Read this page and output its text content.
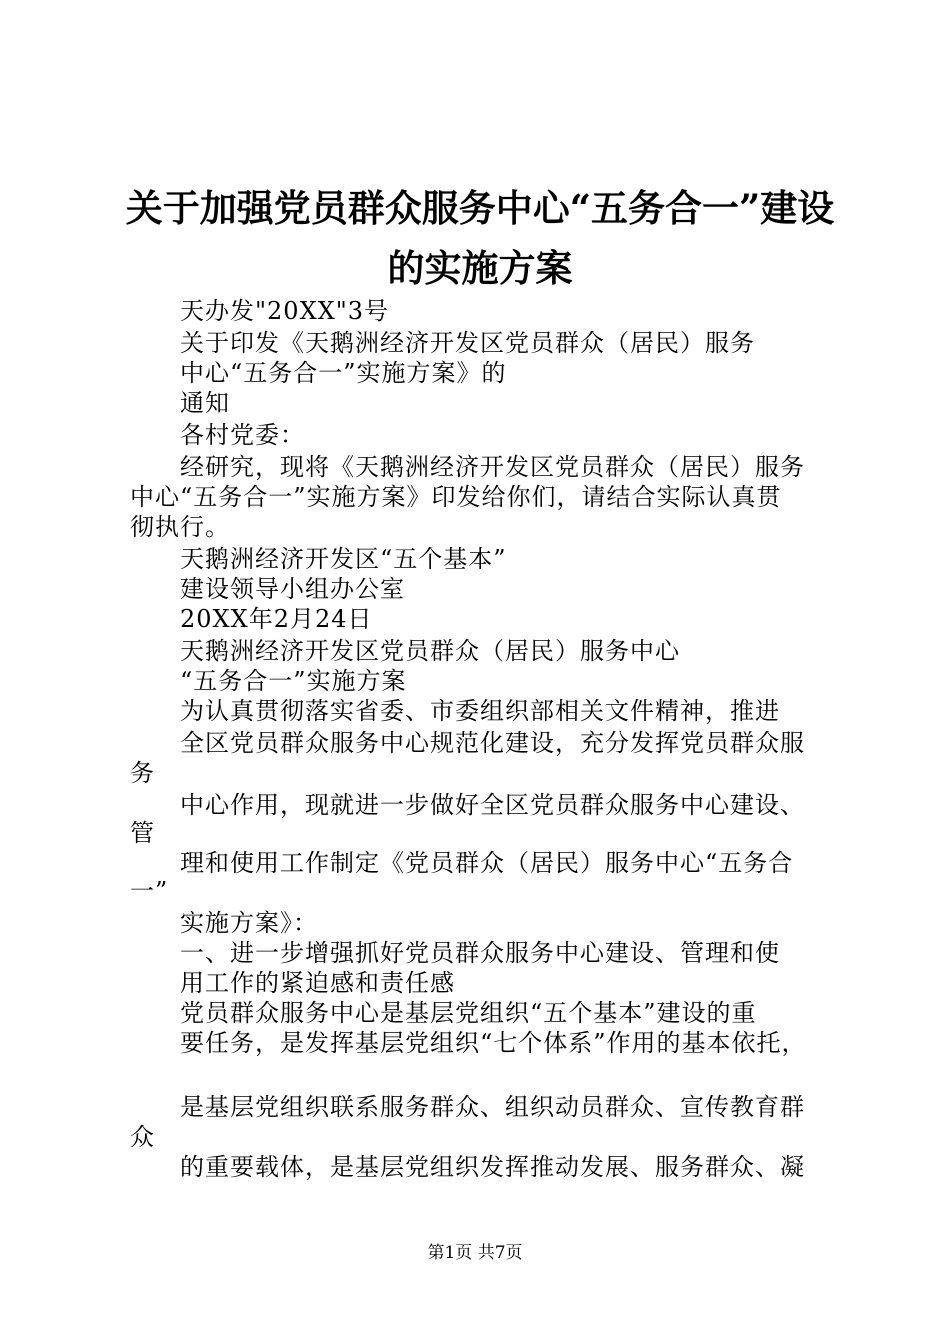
关于加强党员群众服务中心“五务合一”建设
的实施方案
天办发"20XX"3号
关于印发《天鹅洲经济开发区党员群众（居民）服务
中心“五务合一”实施方案》的
通知
各村党委：
经研究，现将《天鹅洲经济开发区党员群众（居民）服务
中心“五务合一”实施方案》印发给你们，请结合实际认真贯
彻执行。
天鹅洲经济开发区“五个基本”
建设领导小组办公室
20XX年2月24日
天鹅洲经济开发区党员群众（居民）服务中心
“五务合一”实施方案
为认真贯彻落实省委、市委组织部相关文件精神，推进
全区党员群众服务中心规范化建设，充分发挥党员群众服
务
中心作用，现就进一步做好全区党员群众服务中心建设、
管
理和使用工作制定《党员群众（居民）服务中心“五务合
一”
实施方案》：
一、进一步增强抓好党员群众服务中心建设、管理和使
用工作的紧迫感和责任感
党员群众服务中心是基层党组织“五个基本”建设的重
要任务，是发挥基层党组织“七个体系”作用的基本依托，
是基层党组织联系服务群众、组织动员群众、宣传教育群
众
的重要载体，是基层党组织发挥推动发展、服务群众、凝
第1页 共7页
